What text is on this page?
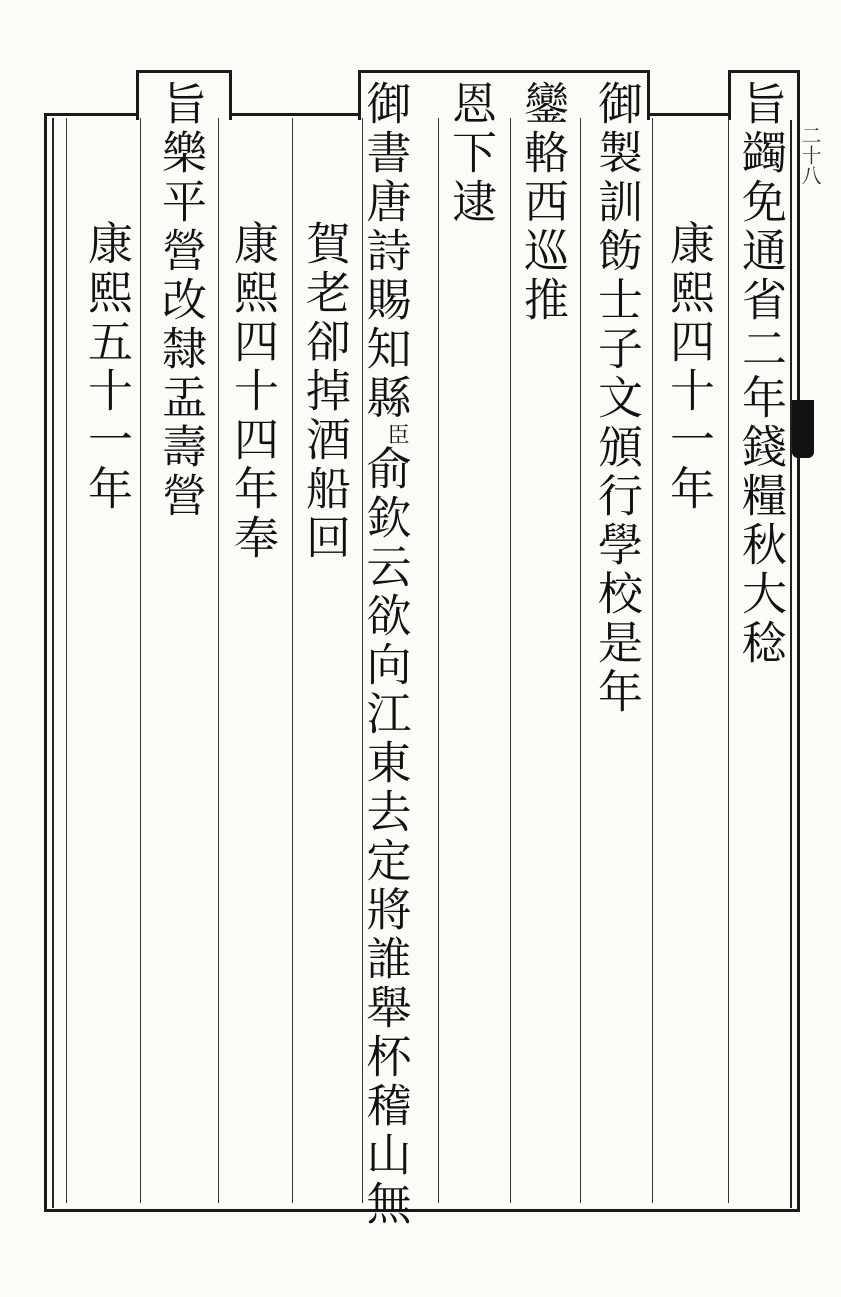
旨蠲免通省二年錢糧秋大稔
康熙四十一年
御製訓飭士子文頒行學校是年
鑾輅西巡推
恩下逮
御書唐詩賜知縣臣俞欽云欲向江東去定將誰舉杯稽山無
賀老卻掉酒船回
康熙四十四年奉
旨樂平營改隸盂壽營
康熙五十一年
二十八
